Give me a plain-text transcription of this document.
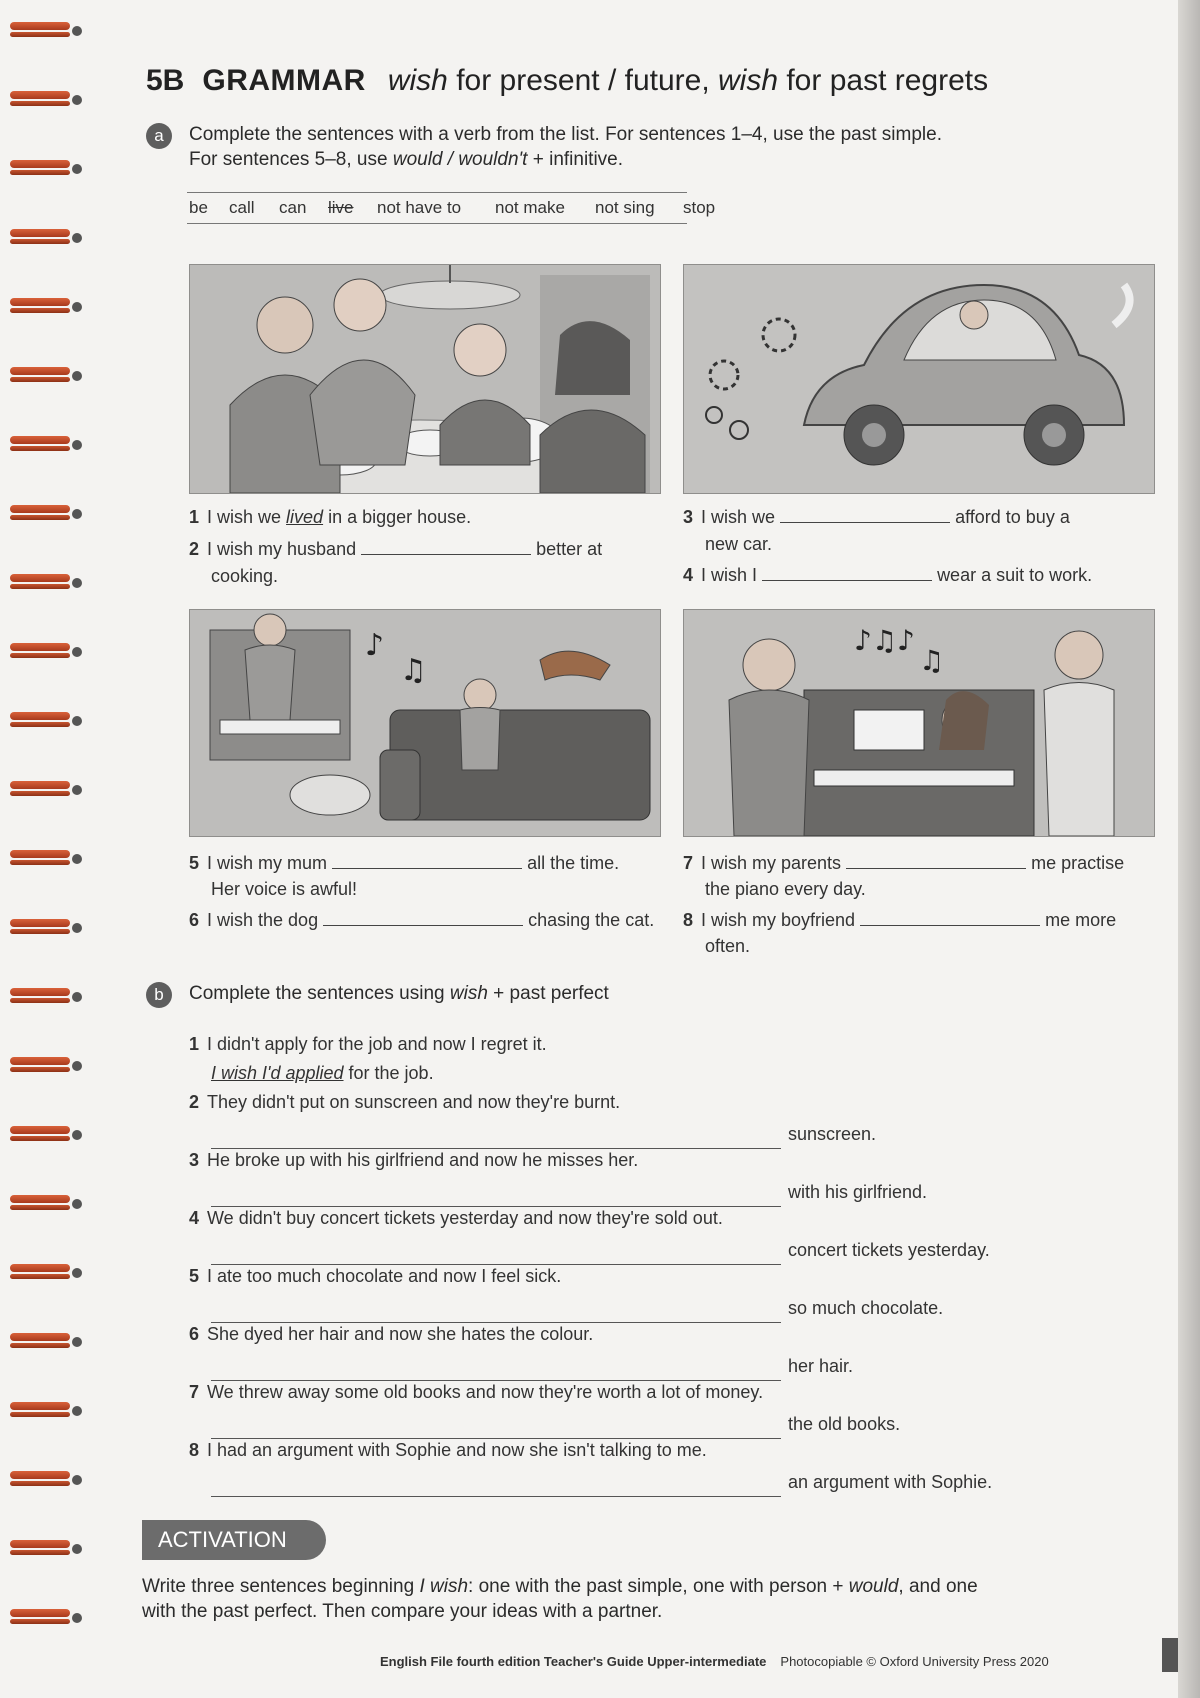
5B GRAMMAR wish for present / future, wish for past regrets
a	Complete the sentences with a verb from the list. For sentences 1–4, use the past simple.
For sentences 5–8, use would / wouldn't + infinitive.
be call can live not have to not make not sing stop
1 I wish we lived in a bigger house.
2 I wish my husband	better at
cooking.
3 I wish we	afford to buy a
new car.
4 I wish I	wear a suit to work.
♪
♫
♪♫♪
♫
5 I wish my mum	all the time.
Her voice is awful!
6 I wish the dog	chasing the cat.
7 I wish my parents	me practise
the piano every day.
8 I wish my boyfriend	me more
often.
b	Complete the sentences using wish + past perfect
1 I didn't apply for the job and now I regret it.
I wish I'd applied for the job.
2 They didn't put on sunscreen and now they're burnt.
sunscreen.
3 He broke up with his girlfriend and now he misses her.
with his girlfriend.
4 We didn't buy concert tickets yesterday and now they're sold out.
concert tickets yesterday.
5 I ate too much chocolate and now I feel sick.
so much chocolate.
6 She dyed her hair and now she hates the colour.
her hair.
7 We threw away some old books and now they're worth a lot of money.
the old books.
8 I had an argument with Sophie and now she isn't talking to me.
an argument with Sophie.
ACTIVATION
Write three sentences beginning I wish: one with the past simple, one with person + would, and one
with the past perfect. Then compare your ideas with a partner.
English File fourth edition Teacher's Guide Upper-intermediate Photocopiable © Oxford University Press 2020
